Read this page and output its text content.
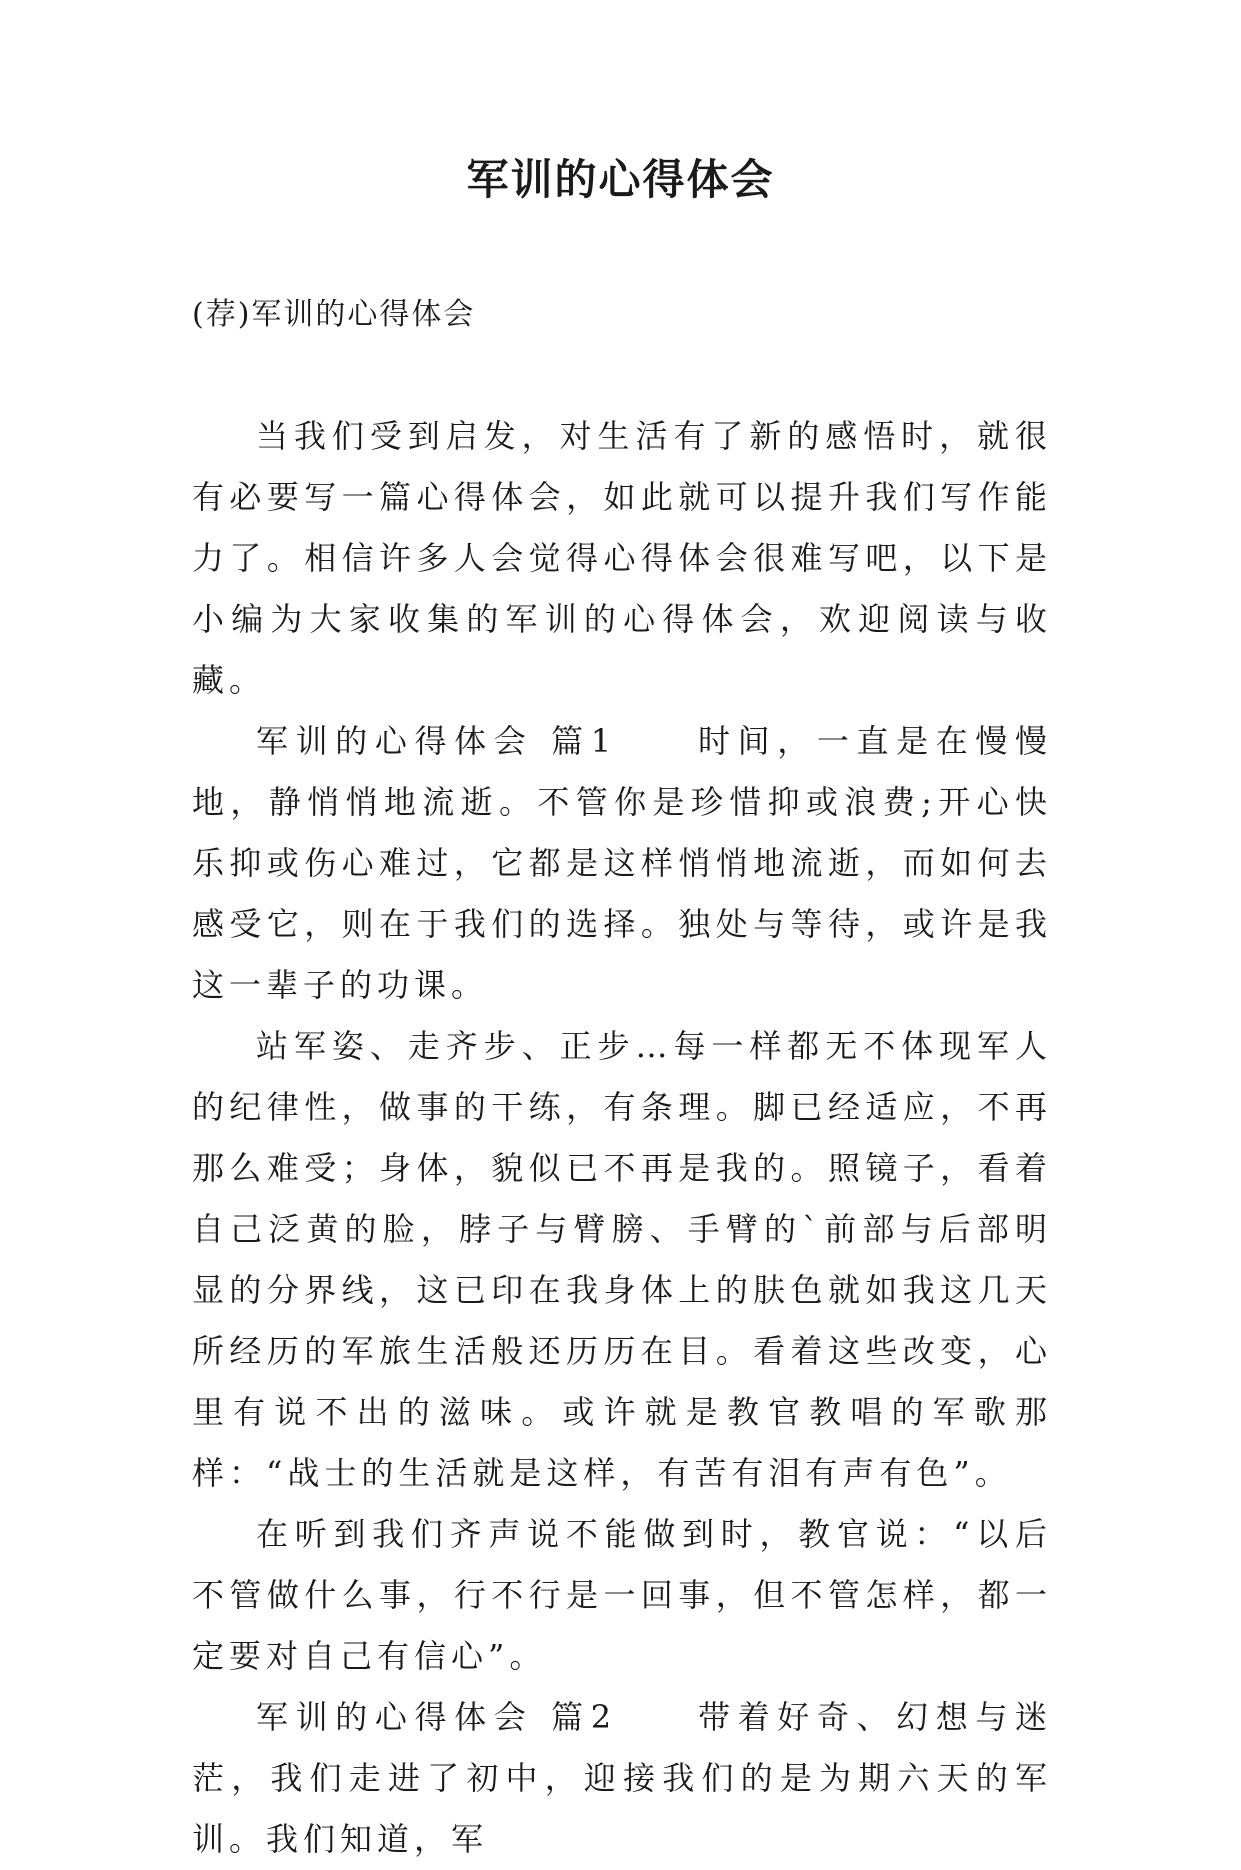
军训的心得体会

(荐)军训的心得体会

当我们受到启发，对生活有了新的感悟时，就很有必要写一篇心得体会，如此就可以提升我们写作能力了。相信许多人会觉得心得体会很难写吧，以下是小编为大家收集的军训的心得体会，欢迎阅读与收藏。

军训的心得体会 篇1　　时间，一直是在慢慢地，静悄悄地流逝。不管你是珍惜抑或浪费;开心快乐抑或伤心难过，它都是这样悄悄地流逝，而如何去感受它，则在于我们的选择。独处与等待，或许是我这一辈子的功课。

站军姿、走齐步、正步…每一样都无不体现军人的纪律性，做事的干练，有条理。脚已经适应，不再那么难受；身体，貌似已不再是我的。照镜子，看着自己泛黄的脸，脖子与臂膀、手臂的`前部与后部明显的分界线，这已印在我身体上的肤色就如我这几天所经历的军旅生活般还历历在目。看着这些改变，心里有说不出的滋味。或许就是教官教唱的军歌那样：“战士的生活就是这样，有苦有泪有声有色”。

在听到我们齐声说不能做到时，教官说：“以后不管做什么事，行不行是一回事，但不管怎样，都一定要对自己有信心”。

军训的心得体会 篇2　　带着好奇、幻想与迷茫，我们走进了初中，迎接我们的是为期六天的军训。我们知道，军
